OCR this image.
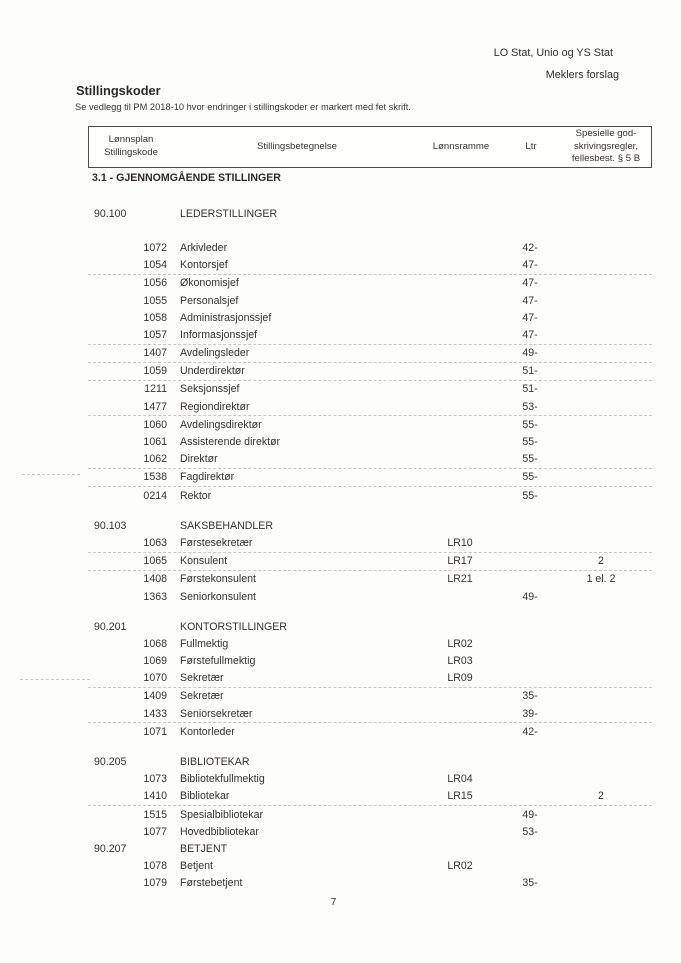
LO Stat, Unio og YS Stat
Meklers forslag
Stillingskoder
Se vedlegg til PM 2018-10 hvor endringer i stillingskoder er markert med fet skrift.
Lønnsplan
Stillingskode
Stillingsbetegnelse	Lønnsramme	Ltr
Spesielle god-
skrivingsregler,
fellesbest. § 5 B
3.1 - GJENNOMGÅENDE STILLINGER
90.100	LEDERSTILLINGER
1072	Arkivleder	42-
1054	Kontorsjef	47-
1056	Økonomisjef	47-
1055	Personalsjef	47-
1058	Administrasjonssjef	47-
1057	Informasjonssjef	47-
1407	Avdelingsleder	49-
1059	Underdirektør	51-
1211	Seksjonssjef	51-
1477	Regiondirektør	53-
1060	Avdelingsdirektør	55-
1061	Assisterende direktør	55-
1062	Direktør	55-
1538	Fagdirektør	55-
0214	Rektor	55-
90.103	SAKSBEHANDLER
1063	Førstesekretær	LR10
1065	Konsulent	LR17	2
1408	Førstekonsulent	LR21	1 el. 2
1363	Seniorkonsulent	49-
90.201	KONTORSTILLINGER
1068	Fullmektig	LR02
1069	Førstefullmektig	LR03
1070	Sekretær	LR09
1409	Sekretær	35-
1433	Seniorsekretær	39-
1071	Kontorleder	42-
90.205	BIBLIOTEKAR
1073	Bibliotekfullmektig	LR04
1410	Bibliotekar	LR15	2
1515	Spesialbibliotekar	49-
1077	Hovedbibliotekar	53-
90.207	BETJENT
1078	Betjent	LR02
1079	Førstebetjent	35-
7
